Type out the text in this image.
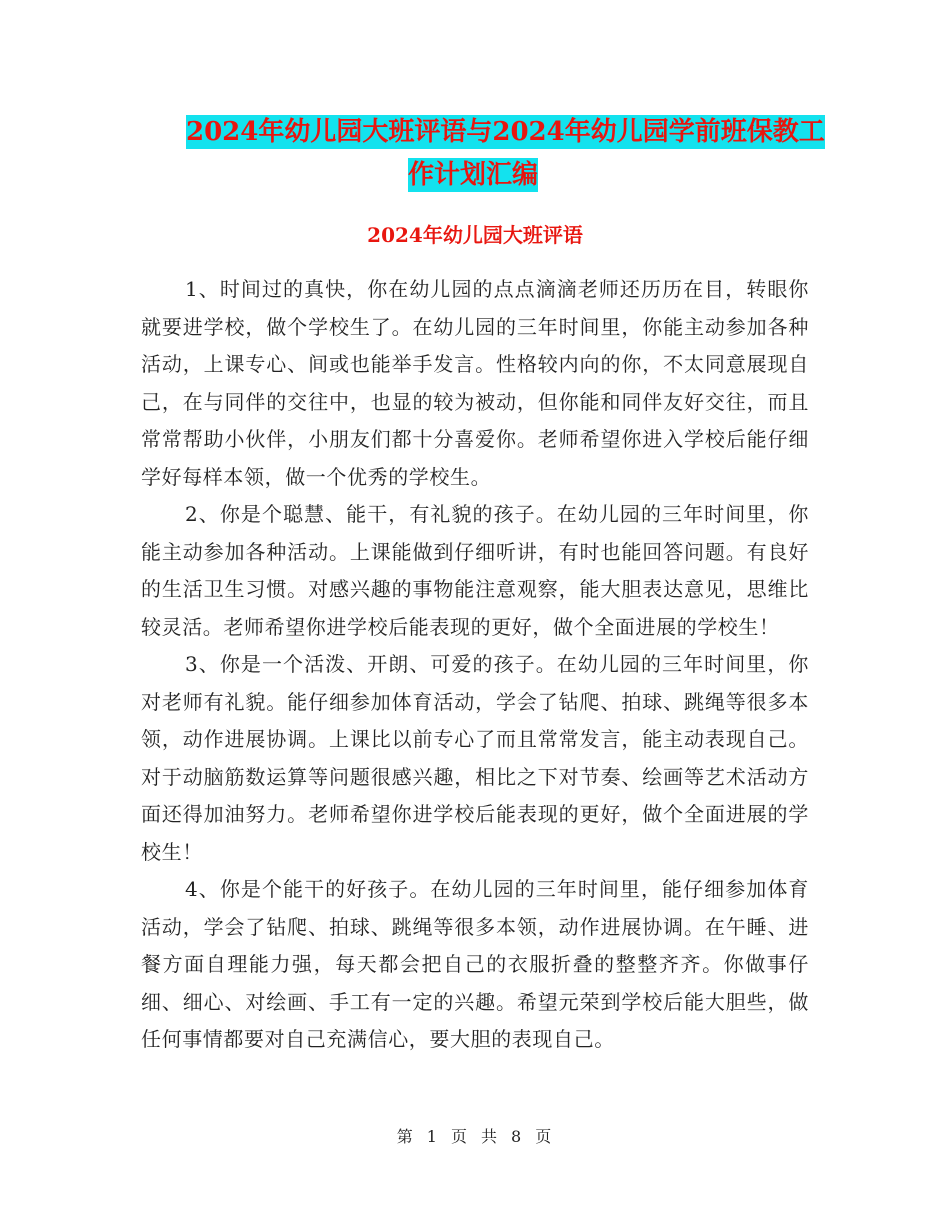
2024年幼儿园大班评语与2024年幼儿园学前班保教工
作计划汇编
2024年幼儿园大班评语

1、时间过的真快，你在幼儿园的点点滴滴老师还历历在目，转眼你就要进学校，做个学校生了。在幼儿园的三年时间里，你能主动参加各种活动，上课专心、间或也能举手发言。性格较内向的你，不太同意展现自己，在与同伴的交往中，也显的较为被动，但你能和同伴友好交往，而且常常帮助小伙伴，小朋友们都十分喜爱你。老师希望你进入学校后能仔细学好每样本领，做一个优秀的学校生。

2、你是个聪慧、能干，有礼貌的孩子。在幼儿园的三年时间里，你能主动参加各种活动。上课能做到仔细听讲，有时也能回答问题。有良好的生活卫生习惯。对感兴趣的事物能注意观察，能大胆表达意见，思维比较灵活。老师希望你进学校后能表现的更好，做个全面进展的学校生！

3、你是一个活泼、开朗、可爱的孩子。在幼儿园的三年时间里，你对老师有礼貌。能仔细参加体育活动，学会了钻爬、拍球、跳绳等很多本领，动作进展协调。上课比以前专心了而且常常发言，能主动表现自己。对于动脑筋数运算等问题很感兴趣，相比之下对节奏、绘画等艺术活动方面还得加油努力。老师希望你进学校后能表现的更好，做个全面进展的学校生！

4、你是个能干的好孩子。在幼儿园的三年时间里，能仔细参加体育活动，学会了钻爬、拍球、跳绳等很多本领，动作进展协调。在午睡、进餐方面自理能力强，每天都会把自己的衣服折叠的整整齐齐。你做事仔细、细心、对绘画、手工有一定的兴趣。希望元荣到学校后能大胆些，做任何事情都要对自己充满信心，要大胆的表现自己。

第 1 页 共 8 页
